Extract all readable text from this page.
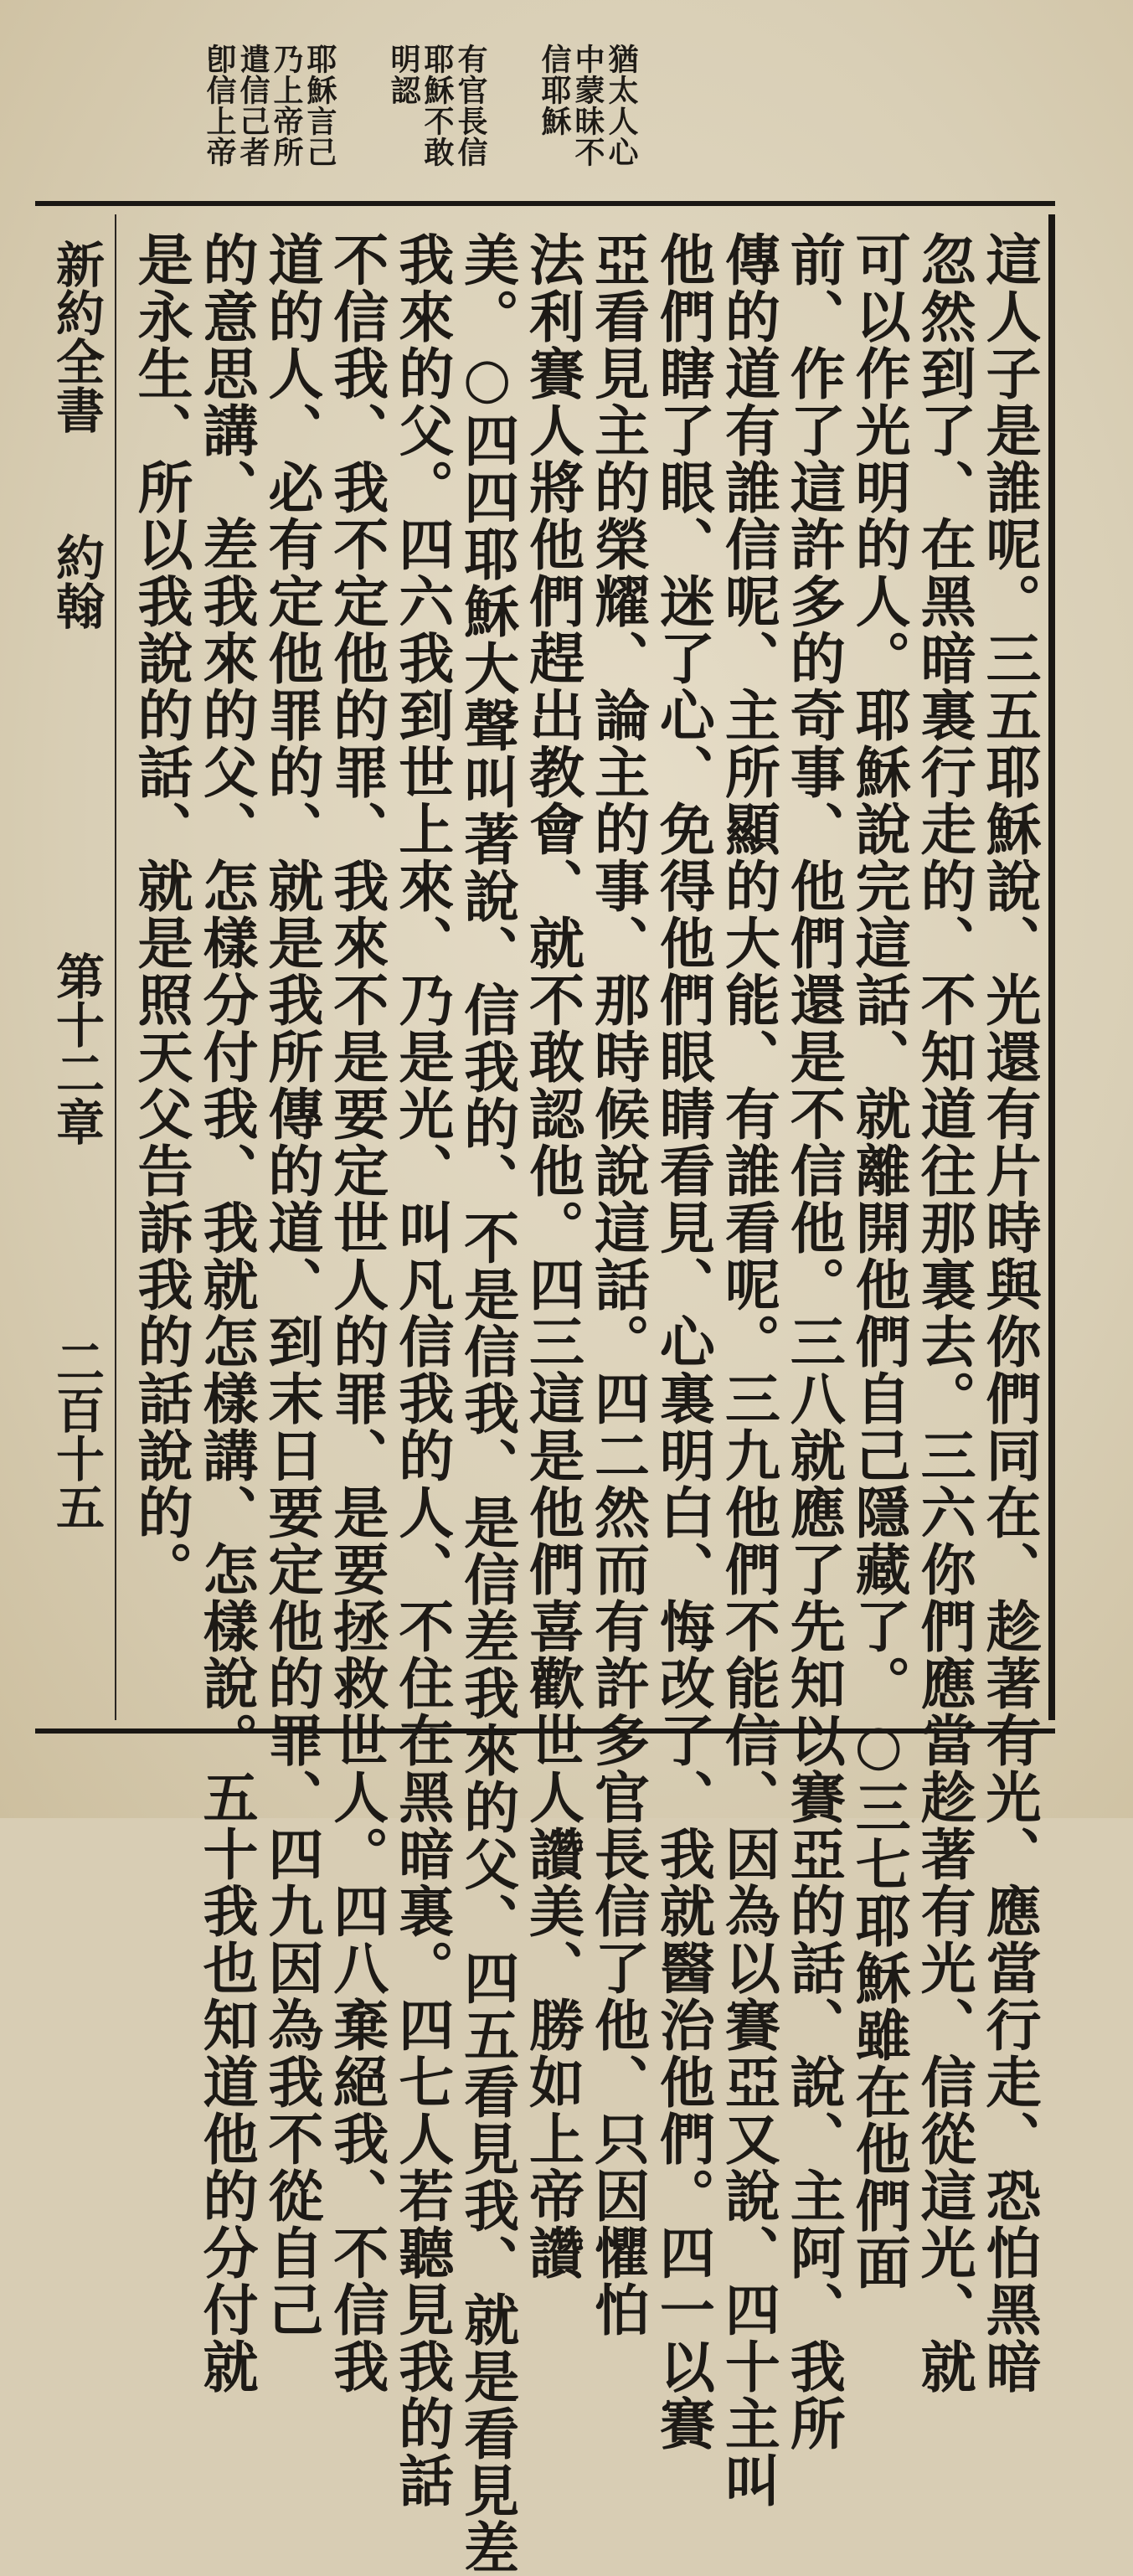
猶太人心
中蒙昧不
信耶穌
有官長信
耶穌不敢
明認
耶穌言己
乃上帝所
遣信己者
卽信上帝
新約全書
約翰
第十二章
二百十五	這人子是誰呢。三五耶穌說、光還有片時與你們同在、趁著有光、應當行走、恐怕黑暗
忽然到了、在黑暗裏行走的、不知道往那裏去。三六你們應當趁著有光、信從這光、就
可以作光明的人。耶穌說完這話、就離開他們自己隱藏了。○三七耶穌雖在他們面
前、作了這許多的奇事、他們還是不信他。三八就應了先知以賽亞的話、說、主阿、我所
傳的道有誰信呢、主所顯的大能、有誰看呢。三九他們不能信、因為以賽亞又說、四十主叫
他們瞎了眼、迷了心、免得他們眼睛看見、心裏明白、悔改了、我就醫治他們。四一以賽
亞看見主的榮耀、論主的事、那時候說這話。四二然而有許多官長信了他、只因懼怕
法利賽人將他們趕出教會、就不敢認他。四三這是他們喜歡世人讚美、勝如上帝讚
美。○四四耶穌大聲叫著說、信我的、不是信我、是信差我來的父、四五看見我、就是看見差
我來的父。四六我到世上來、乃是光、叫凡信我的人、不住在黑暗裏。四七人若聽見我的話
不信我、我不定他的罪、我來不是要定世人的罪、是要拯救世人。四八棄絕我、不信我
道的人、必有定他罪的、就是我所傳的道、到末日要定他的罪、四九因為我不從自己
的意思講、差我來的父、怎樣分付我、我就怎樣講、怎樣說。五十我也知道他的分付就
是永生、所以我說的話、就是照天父告訴我的話說的。
